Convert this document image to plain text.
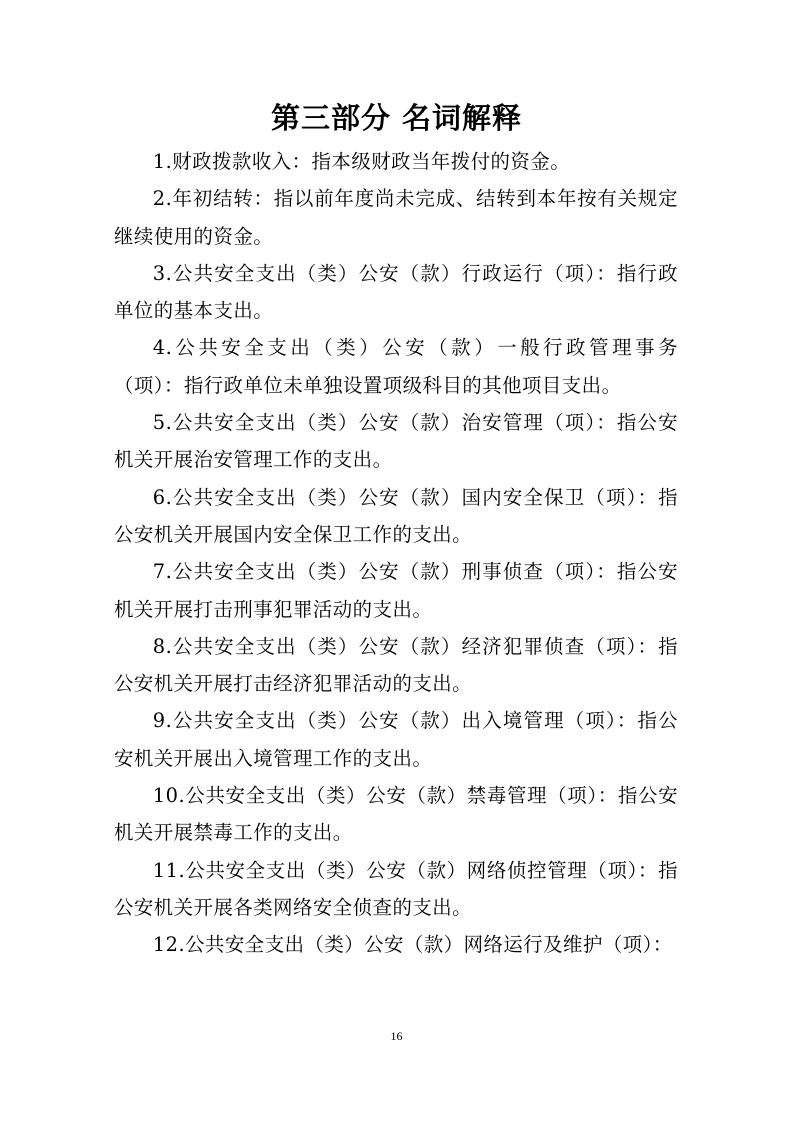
第三部分 名词解释

1.财政拨款收入：指本级财政当年拨付的资金。

2.年初结转：指以前年度尚未完成、结转到本年按有关规定继续使用的资金。

3.公共安全支出（类）公安（款）行政运行（项）：指行政单位的基本支出。

4.公共安全支出（类）公安（款）一般行政管理事务（项）：指行政单位未单独设置项级科目的其他项目支出。

5.公共安全支出（类）公安（款）治安管理（项）：指公安机关开展治安管理工作的支出。

6.公共安全支出（类）公安（款）国内安全保卫（项）：指公安机关开展国内安全保卫工作的支出。

7.公共安全支出（类）公安（款）刑事侦查（项）：指公安机关开展打击刑事犯罪活动的支出。

8.公共安全支出（类）公安（款）经济犯罪侦查（项）：指公安机关开展打击经济犯罪活动的支出。

9.公共安全支出（类）公安（款）出入境管理（项）：指公安机关开展出入境管理工作的支出。

10.公共安全支出（类）公安（款）禁毒管理（项）：指公安机关开展禁毒工作的支出。

11.公共安全支出（类）公安（款）网络侦控管理（项）：指公安机关开展各类网络安全侦查的支出。

12.公共安全支出（类）公安（款）网络运行及维护（项）：

16
